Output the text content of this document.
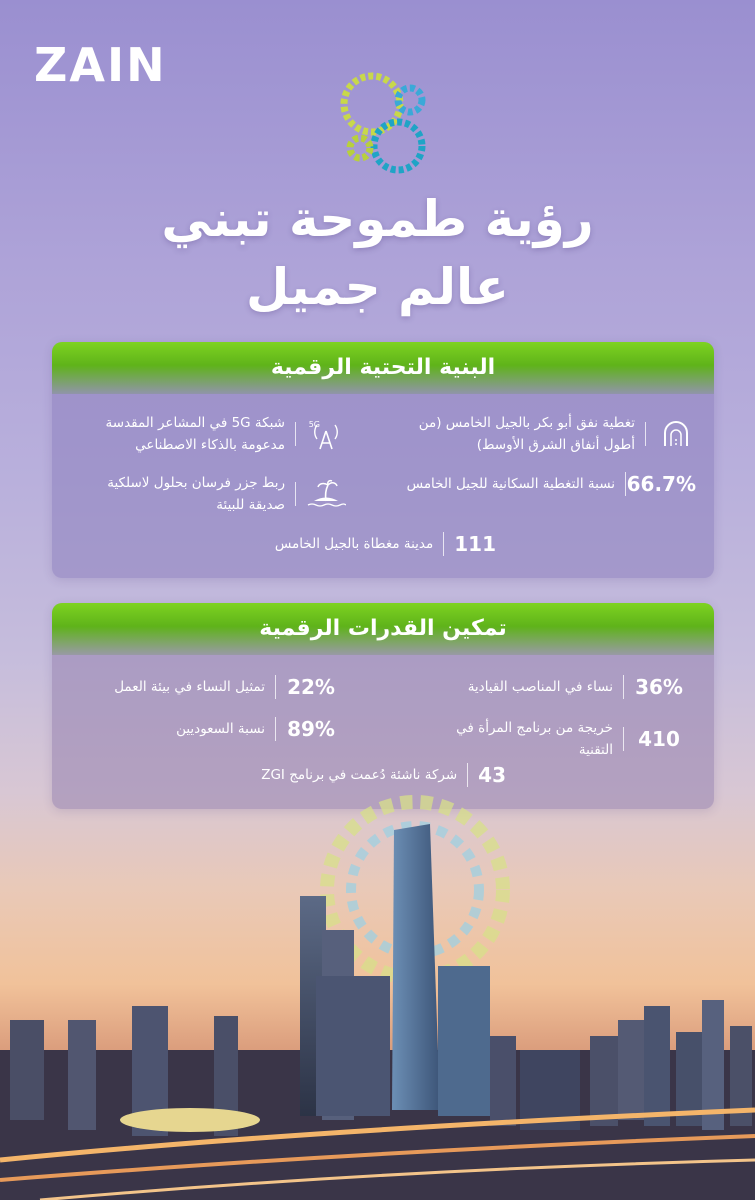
ZAIN
رؤية طموحة تبني
عالم جميل
البنية التحتية الرقمية
تغطية نفق أبو بكر بالجيل الخامس (من أطول أنفاق الشرق الأوسط)
5G
شبكة 5G في المشاعر المقدسة مدعومة بالذكاء الاصطناعي
66.7%
نسبة التغطية السكانية للجيل الخامس
ربط جزر فرسان بحلول لاسلكية صديقة للبيئة
111
مدينة مغطاة بالجيل الخامس
تمكين القدرات الرقمية
36%
نساء في المناصب القيادية
22%
تمثيل النساء في بيئة العمل
410
خريجة من برنامج المرأة في التقنية
89%
نسبة السعوديين
43
شركة ناشئة دُعمت في برنامج ZGI
